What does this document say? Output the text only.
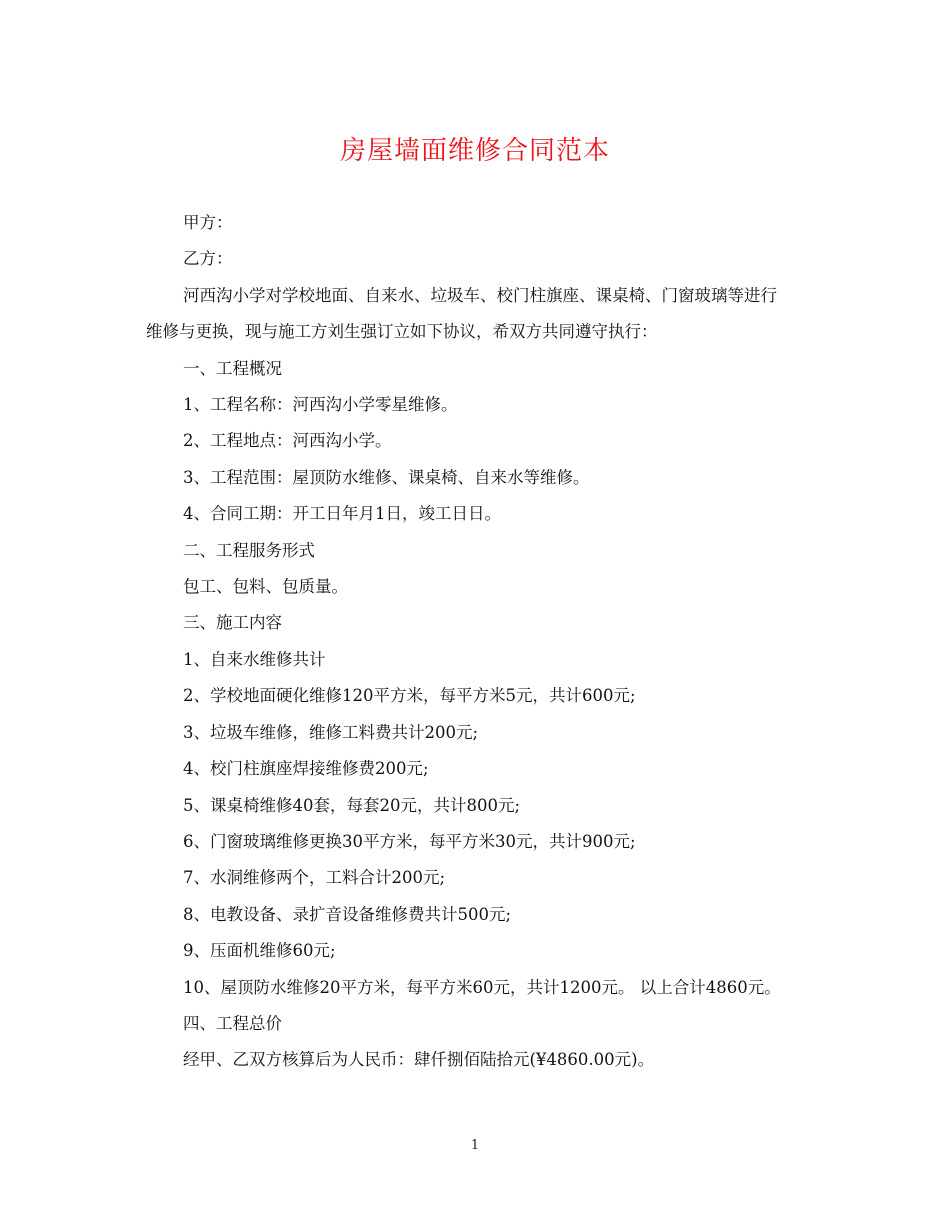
房屋墙面维修合同范本

甲方：

乙方：

河西沟小学对学校地面、自来水、垃圾车、校门柱旗座、课桌椅、门窗玻璃等进行维修与更换，现与施工方刘生强订立如下协议，希双方共同遵守执行：

一、工程概况

1、工程名称：河西沟小学零星维修。

2、工程地点：河西沟小学。

3、工程范围：屋顶防水维修、课桌椅、自来水等维修。

4、合同工期：开工日年月1日，竣工日日。

二、工程服务形式

包工、包料、包质量。

三、施工内容

1、自来水维修共计

2、学校地面硬化维修120平方米，每平方米5元，共计600元;

3、垃圾车维修，维修工料费共计200元;

4、校门柱旗座焊接维修费200元;

5、课桌椅维修40套，每套20元，共计800元;

6、门窗玻璃维修更换30平方米，每平方米30元，共计900元;

7、水洞维修两个，工料合计200元;

8、电教设备、录扩音设备维修费共计500元;

9、压面机维修60元;

10、屋顶防水维修20平方米，每平方米60元，共计1200元。 以上合计4860元。

四、工程总价

经甲、乙双方核算后为人民币：肆仟捌佰陆拾元(¥4860.00元)。

1
